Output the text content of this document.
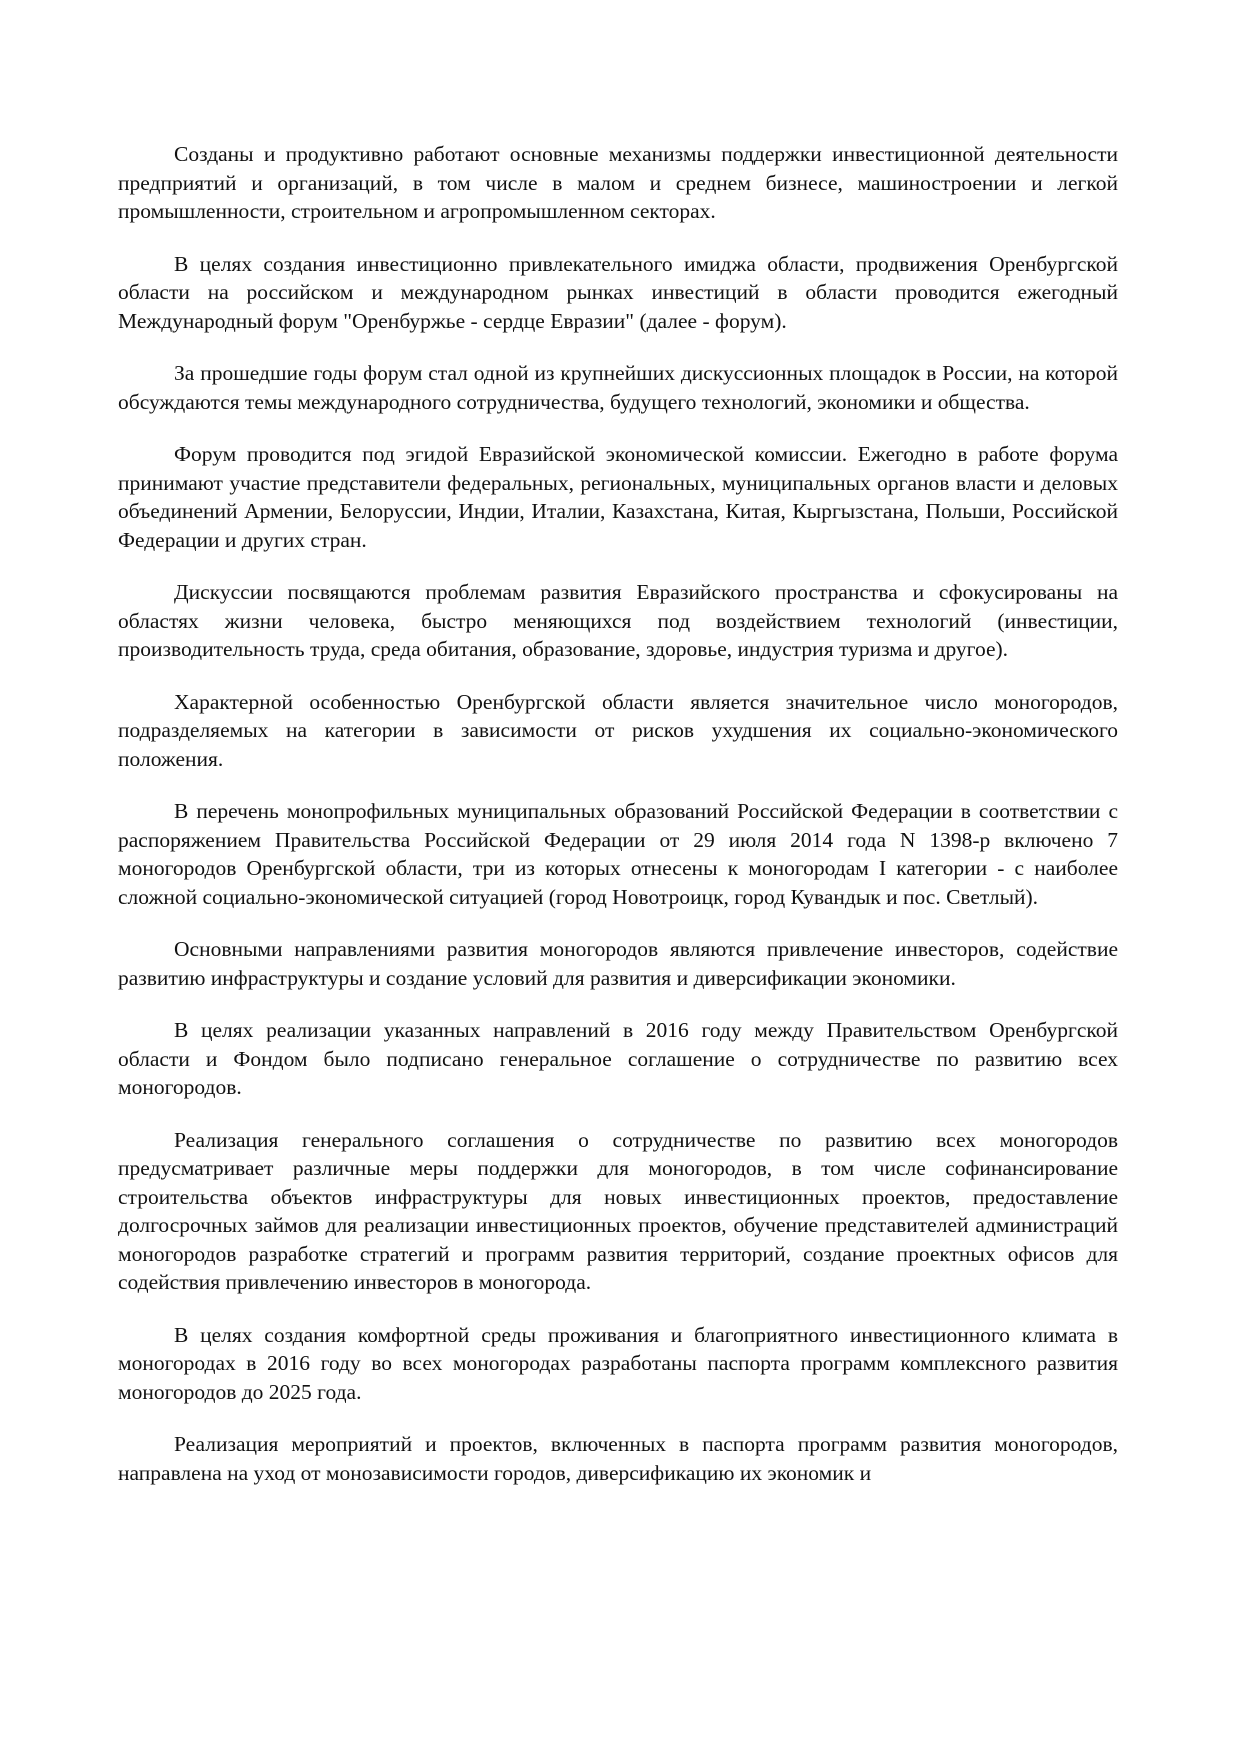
Созданы и продуктивно работают основные механизмы поддержки инвестиционной деятельности предприятий и организаций, в том числе в малом и среднем бизнесе, машиностроении и легкой промышленности, строительном и агропромышленном секторах.

В целях создания инвестиционно привлекательного имиджа области, продвижения Оренбургской области на российском и международном рынках инвестиций в области проводится ежегодный Международный форум "Оренбуржье - сердце Евразии" (далее - форум).

За прошедшие годы форум стал одной из крупнейших дискуссионных площадок в России, на которой обсуждаются темы международного сотрудничества, будущего технологий, экономики и общества.

Форум проводится под эгидой Евразийской экономической комиссии. Ежегодно в работе форума принимают участие представители федеральных, региональных, муниципальных органов власти и деловых объединений Армении, Белоруссии, Индии, Италии, Казахстана, Китая, Кыргызстана, Польши, Российской Федерации и других стран.

Дискуссии посвящаются проблемам развития Евразийского пространства и сфокусированы на областях жизни человека, быстро меняющихся под воздействием технологий (инвестиции, производительность труда, среда обитания, образование, здоровье, индустрия туризма и другое).

Характерной особенностью Оренбургской области является значительное число моногородов, подразделяемых на категории в зависимости от рисков ухудшения их социально-экономического положения.

В перечень монопрофильных муниципальных образований Российской Федерации в соответствии с распоряжением Правительства Российской Федерации от 29 июля 2014 года N 1398-р включено 7 моногородов Оренбургской области, три из которых отнесены к моногородам I категории - с наиболее сложной социально-экономической ситуацией (город Новотроицк, город Кувандык и пос. Светлый).

Основными направлениями развития моногородов являются привлечение инвесторов, содействие развитию инфраструктуры и создание условий для развития и диверсификации экономики.

В целях реализации указанных направлений в 2016 году между Правительством Оренбургской области и Фондом было подписано генеральное соглашение о сотрудничестве по развитию всех моногородов.

Реализация генерального соглашения о сотрудничестве по развитию всех моногородов предусматривает различные меры поддержки для моногородов, в том числе софинансирование строительства объектов инфраструктуры для новых инвестиционных проектов, предоставление долгосрочных займов для реализации инвестиционных проектов, обучение представителей администраций моногородов разработке стратегий и программ развития территорий, создание проектных офисов для содействия привлечению инвесторов в моногорода.

В целях создания комфортной среды проживания и благоприятного инвестиционного климата в моногородах в 2016 году во всех моногородах разработаны паспорта программ комплексного развития моногородов до 2025 года.

Реализация мероприятий и проектов, включенных в паспорта программ развития моногородов, направлена на уход от монозависимости городов, диверсификацию их экономик и
